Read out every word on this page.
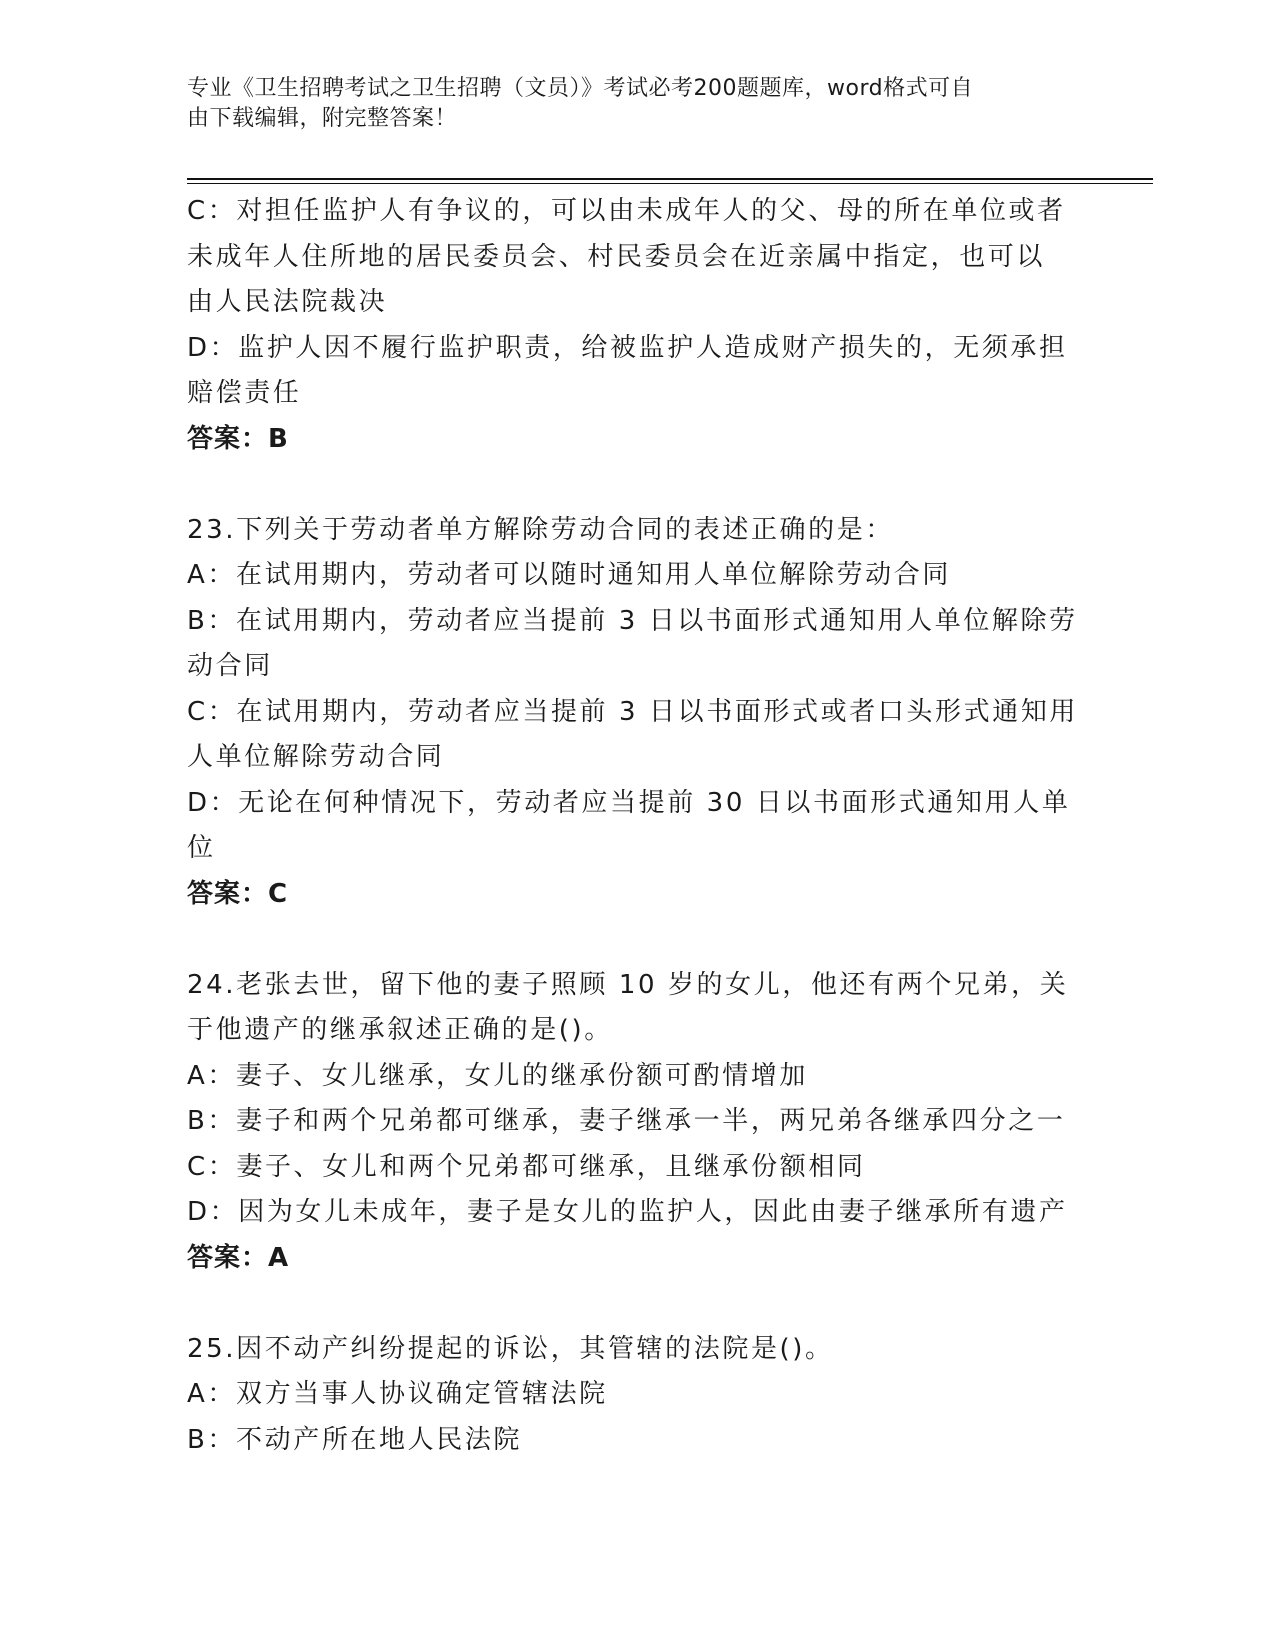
专业《卫生招聘考试之卫生招聘（文员）》考试必考200题题库，word格式可自
由下载编辑，附完整答案！
C：对担任监护人有争议的，可以由未成年人的父、母的所在单位或者
未成年人住所地的居民委员会、村民委员会在近亲属中指定，也可以
由人民法院裁决
D：监护人因不履行监护职责，给被监护人造成财产损失的，无须承担
赔偿责任
答案：B
23.下列关于劳动者单方解除劳动合同的表述正确的是：
A：在试用期内，劳动者可以随时通知用人单位解除劳动合同
B：在试用期内，劳动者应当提前 3 日以书面形式通知用人单位解除劳
动合同
C：在试用期内，劳动者应当提前 3 日以书面形式或者口头形式通知用
人单位解除劳动合同
D：无论在何种情况下，劳动者应当提前 30 日以书面形式通知用人单
位
答案：C
24.老张去世，留下他的妻子照顾 10 岁的女儿，他还有两个兄弟，关
于他遗产的继承叙述正确的是()。
A：妻子、女儿继承，女儿的继承份额可酌情增加
B：妻子和两个兄弟都可继承，妻子继承一半，两兄弟各继承四分之一
C：妻子、女儿和两个兄弟都可继承，且继承份额相同
D：因为女儿未成年，妻子是女儿的监护人，因此由妻子继承所有遗产
答案：A
25.因不动产纠纷提起的诉讼，其管辖的法院是()。
A：双方当事人协议确定管辖法院
B：不动产所在地人民法院
